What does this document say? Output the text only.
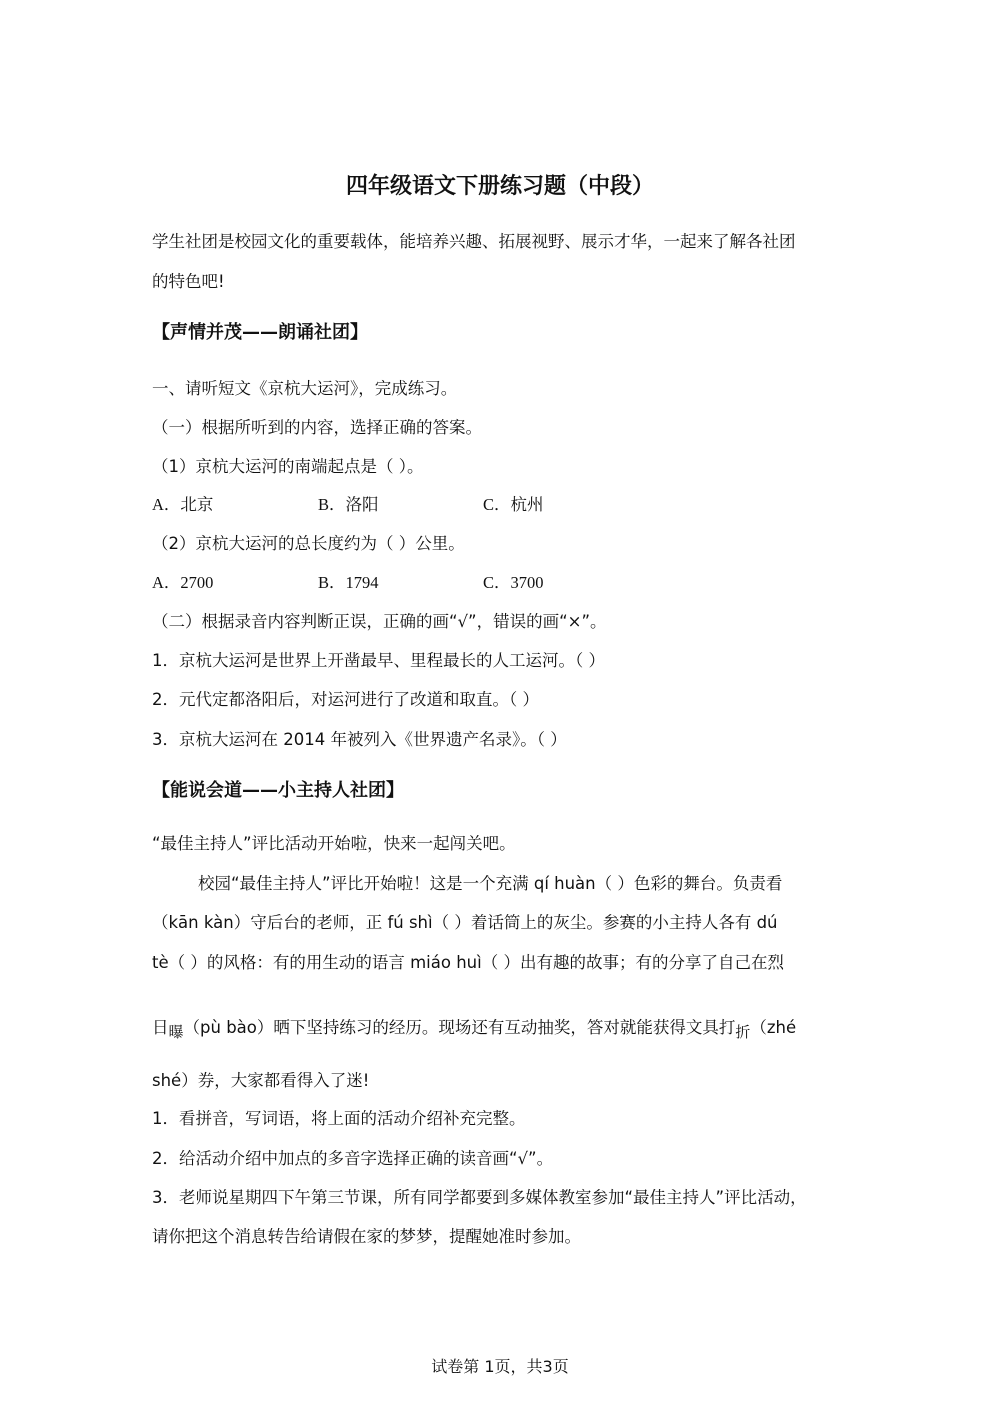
四年级语文下册练习题（中段）
学生社团是校园文化的重要载体，能培养兴趣、拓展视野、展示才华，一起来了解各社团
的特色吧!
【声情并茂——朗诵社团】
一、请听短文《京杭大运河》，完成练习。
（一）根据所听到的内容，选择正确的答案。
（1）京杭大运河的南端起点是（ ）。
A．北京	B．洛阳	C．杭州
（2）京杭大运河的总长度约为（ ）公里。
A．2700	B．1794	C．3700
（二）根据录音内容判断正误，正确的画“√”，错误的画“×”。
1．京杭大运河是世界上开凿最早、里程最长的人工运河。（ ）
2．元代定都洛阳后，对运河进行了改道和取直。（ ）
3．京杭大运河在 2014 年被列入《世界遗产名录》。（ ）
【能说会道——小主持人社团】
“最佳主持人”评比活动开始啦，快来一起闯关吧。
校园“最佳主持人”评比开始啦！这是一个充满 qí huàn（ ）色彩的舞台。负责看
（kān kàn）守后台的老师，正 fú shì（ ）着话筒上的灰尘。参赛的小主持人各有 dú
tè（ ）的风格：有的用生动的语言 miáo huì（ ）出有趣的故事；有的分享了自己在烈
日曝（pù bào）晒下坚持练习的经历。现场还有互动抽奖，答对就能获得文具打折（zhé
shé）券，大家都看得入了迷!
1．看拼音，写词语，将上面的活动介绍补充完整。
2．给活动介绍中加点的多音字选择正确的读音画“√”。
3．老师说星期四下午第三节课，所有同学都要到多媒体教室参加“最佳主持人”评比活动，
请你把这个消息转告给请假在家的梦梦，提醒她准时参加。
试卷第 1页，共3页
